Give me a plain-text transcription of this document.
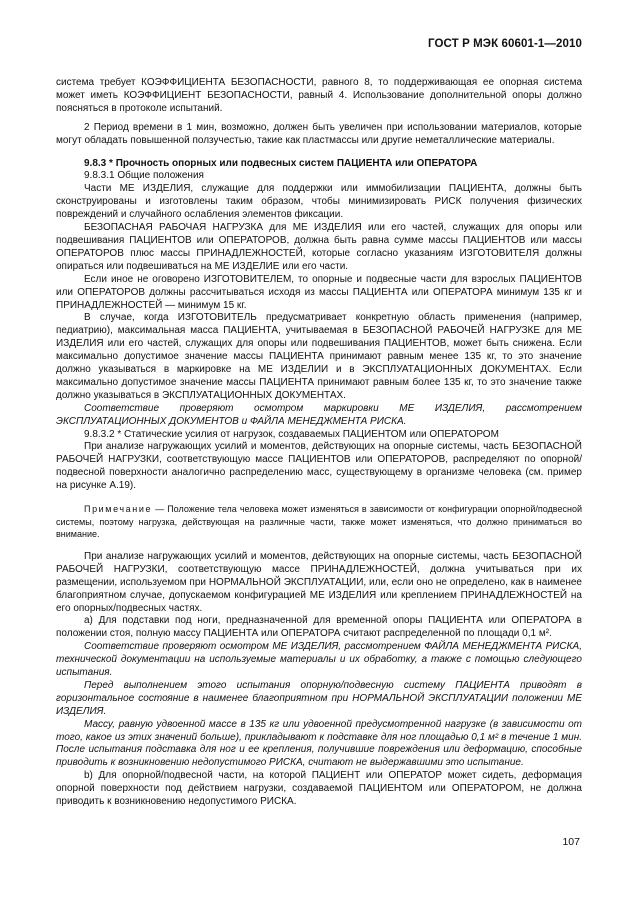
ГОСТ Р МЭК 60601-1—2010

система требует КОЭФФИЦИЕНТА БЕЗОПАСНОСТИ, равного 8, то поддерживающая ее опорная система может иметь КОЭФФИЦИЕНТ БЕЗОПАСНОСТИ, равный 4. Использование дополнительной опоры должно поясняться в протоколе испытаний.

2 Период времени в 1 мин, возможно, должен быть увеличен при использовании материалов, которые могут обладать повышенной ползучестью, такие как пластмассы или другие неметаллические материалы.

9.8.3 * Прочность опорных или подвесных систем ПАЦИЕНТА или ОПЕРАТОРА

9.8.3.1 Общие положения

Части МЕ ИЗДЕЛИЯ, служащие для поддержки или иммобилизации ПАЦИЕНТА, должны быть сконструированы и изготовлены таким образом, чтобы минимизировать РИСК получения физических повреждений и случайного ослабления элементов фиксации.

БЕЗОПАСНАЯ РАБОЧАЯ НАГРУЗКА для МЕ ИЗДЕЛИЯ или его частей, служащих для опоры или подвешивания ПАЦИЕНТОВ или ОПЕРАТОРОВ, должна быть равна сумме массы ПАЦИЕНТОВ или массы ОПЕРАТОРОВ плюс массы ПРИНАДЛЕЖНОСТЕЙ, которые согласно указаниям ИЗГОТОВИТЕЛЯ должны опираться или подвешиваться на МЕ ИЗДЕЛИЕ или его части.

Если иное не оговорено ИЗГОТОВИТЕЛЕМ, то опорные и подвесные части для взрослых ПАЦИЕНТОВ или ОПЕРАТОРОВ должны рассчитываться исходя из массы ПАЦИЕНТА или ОПЕРАТОРА минимум 135 кг и ПРИНАДЛЕЖНОСТЕЙ — минимум 15 кг.

В случае, когда ИЗГОТОВИТЕЛЬ предусматривает конкретную область применения (например, педиатрию), максимальная масса ПАЦИЕНТА, учитываемая в БЕЗОПАСНОЙ РАБОЧЕЙ НАГРУЗКЕ для МЕ ИЗДЕЛИЯ или его частей, служащих для опоры или подвешивания ПАЦИЕНТОВ, может быть снижена. Если максимально допустимое значение массы ПАЦИЕНТА принимают равным менее 135 кг, то это значение должно указываться в маркировке на МЕ ИЗДЕЛИИ и в ЭКСПЛУАТАЦИОННЫХ ДОКУМЕНТАХ. Если максимально допустимое значение массы ПАЦИЕНТА принимают равным более 135 кг, то это значение также должно указываться в ЭКСПЛУАТАЦИОННЫХ ДОКУМЕНТАХ.

Соответствие проверяют осмотром маркировки МЕ ИЗДЕЛИЯ, рассмотрением ЭКСПЛУАТАЦИОННЫХ ДОКУМЕНТОВ и ФАЙЛА МЕНЕДЖМЕНТА РИСКА.

9.8.3.2 * Статические усилия от нагрузок, создаваемых ПАЦИЕНТОМ или ОПЕРАТОРОМ

При анализе нагружающих усилий и моментов, действующих на опорные системы, часть БЕЗОПАСНОЙ РАБОЧЕЙ НАГРУЗКИ, соответствующую массе ПАЦИЕНТОВ или ОПЕРАТОРОВ, распределяют по опорной/подвесной поверхности аналогично распределению масс, существующему в организме человека (см. пример на рисунке А.19).

Примечание — Положение тела человека может изменяться в зависимости от конфигурации опорной/подвесной системы, поэтому нагрузка, действующая на различные части, также может изменяться, что должно приниматься во внимание.

При анализе нагружающих усилий и моментов, действующих на опорные системы, часть БЕЗОПАСНОЙ РАБОЧЕЙ НАГРУЗКИ, соответствующую массе ПРИНАДЛЕЖНОСТЕЙ, должна учитываться при их размещении, используемом при НОРМАЛЬНОЙ ЭКСПЛУАТАЦИИ, или, если оно не определено, как в наименее благоприятном случае, допускаемом конфигурацией МЕ ИЗДЕЛИЯ или креплением ПРИНАДЛЕЖНОСТЕЙ на его опорных/подвесных частях.

a) Для подставки под ноги, предназначенной для временной опоры ПАЦИЕНТА или ОПЕРАТОРА в положении стоя, полную массу ПАЦИЕНТА или ОПЕРАТОРА считают распределенной по площади 0,1 м².

Соответствие проверяют осмотром МЕ ИЗДЕЛИЯ, рассмотрением ФАЙЛА МЕНЕДЖМЕНТА РИСКА, технической документации на используемые материалы и их обработку, а также с помощью следующего испытания.

Перед выполнением этого испытания опорную/подвесную систему ПАЦИЕНТА приводят в горизонтальное состояние в наименее благоприятном при НОРМАЛЬНОЙ ЭКСПЛУАТАЦИИ положении МЕ ИЗДЕЛИЯ.

Массу, равную удвоенной массе в 135 кг или удвоенной предусмотренной нагрузке (в зависимости от того, какое из этих значений больше), прикладывают к подставке для ног площадью 0,1 м² в течение 1 мин. После испытания подставка для ног и ее крепления, получившие повреждения или деформацию, способные приводить к возникновению недопустимого РИСКА, считают не выдержавшими это испытание.

b) Для опорной/подвесной части, на которой ПАЦИЕНТ или ОПЕРАТОР может сидеть, деформация опорной поверхности под действием нагрузки, создаваемой ПАЦИЕНТОМ или ОПЕРАТОРОМ, не должна приводить к возникновению недопустимого РИСКА.

107
